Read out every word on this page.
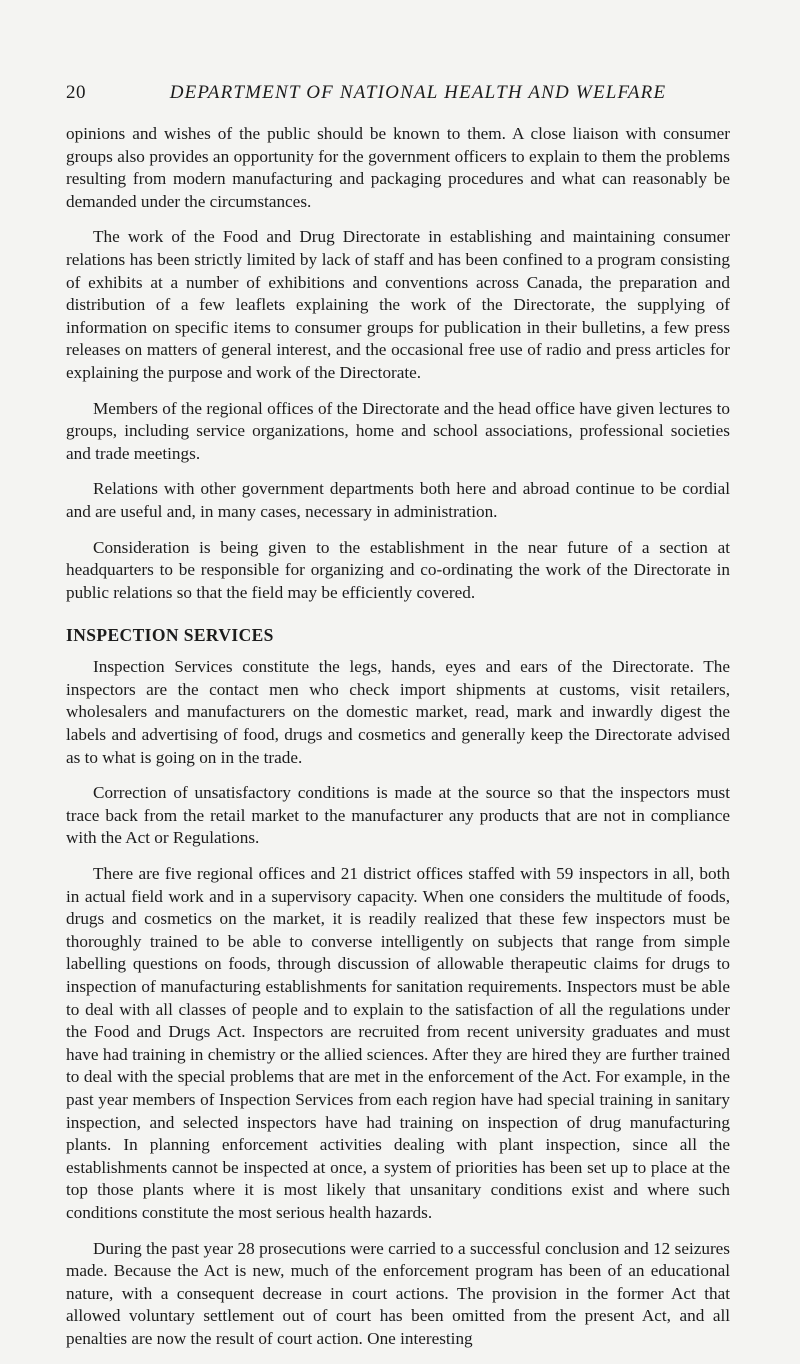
20	DEPARTMENT OF NATIONAL HEALTH AND WELFARE

opinions and wishes of the public should be known to them. A close liaison with consumer groups also provides an opportunity for the government officers to explain to them the problems resulting from modern manufacturing and packaging procedures and what can reasonably be demanded under the circumstances.

The work of the Food and Drug Directorate in establishing and maintaining consumer relations has been strictly limited by lack of staff and has been confined to a program consisting of exhibits at a number of exhibitions and conventions across Canada, the preparation and distribution of a few leaflets explaining the work of the Directorate, the supplying of information on specific items to consumer groups for publication in their bulletins, a few press releases on matters of general interest, and the occasional free use of radio and press articles for explaining the purpose and work of the Directorate.

Members of the regional offices of the Directorate and the head office have given lectures to groups, including service organizations, home and school associations, professional societies and trade meetings.

Relations with other government departments both here and abroad continue to be cordial and are useful and, in many cases, necessary in administration.

Consideration is being given to the establishment in the near future of a section at headquarters to be responsible for organizing and co-ordinating the work of the Directorate in public relations so that the field may be efficiently covered.

INSPECTION SERVICES

Inspection Services constitute the legs, hands, eyes and ears of the Directorate. The inspectors are the contact men who check import shipments at customs, visit retailers, wholesalers and manufacturers on the domestic market, read, mark and inwardly digest the labels and advertising of food, drugs and cosmetics and generally keep the Directorate advised as to what is going on in the trade.

Correction of unsatisfactory conditions is made at the source so that the inspectors must trace back from the retail market to the manufacturer any products that are not in compliance with the Act or Regulations.

There are five regional offices and 21 district offices staffed with 59 inspectors in all, both in actual field work and in a supervisory capacity. When one considers the multitude of foods, drugs and cosmetics on the market, it is readily realized that these few inspectors must be thoroughly trained to be able to converse intelligently on subjects that range from simple labelling questions on foods, through discussion of allowable therapeutic claims for drugs to inspection of manufacturing establishments for sanitation requirements. Inspectors must be able to deal with all classes of people and to explain to the satisfaction of all the regulations under the Food and Drugs Act. Inspectors are recruited from recent university graduates and must have had training in chemistry or the allied sciences. After they are hired they are further trained to deal with the special problems that are met in the enforcement of the Act. For example, in the past year members of Inspection Services from each region have had special training in sanitary inspection, and selected inspectors have had training on inspection of drug manufacturing plants. In planning enforcement activities dealing with plant inspection, since all the establishments cannot be inspected at once, a system of priorities has been set up to place at the top those plants where it is most likely that unsanitary conditions exist and where such conditions constitute the most serious health hazards.

During the past year 28 prosecutions were carried to a successful conclusion and 12 seizures made. Because the Act is new, much of the enforcement program has been of an educational nature, with a consequent decrease in court actions. The provision in the former Act that allowed voluntary settlement out of court has been omitted from the present Act, and all penalties are now the result of court action. One interesting
